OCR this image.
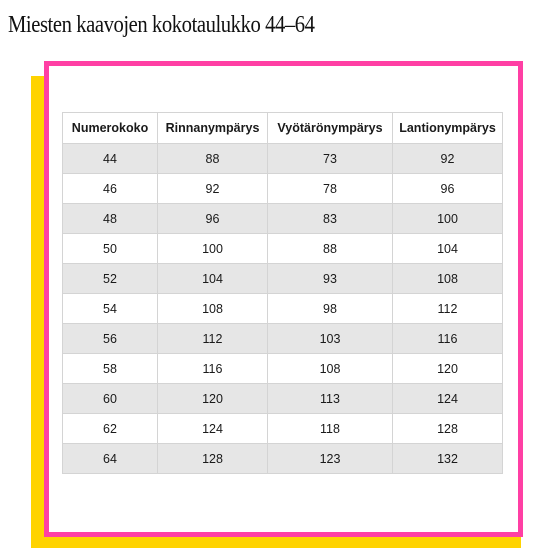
Miesten kaavojen kokotaulukko 44–64
Numerokoko	Rinnanympärys	Vyötärönympärys	Lantionympärys
44	88	73	92
46	92	78	96
48	96	83	100
50	100	88	104
52	104	93	108
54	108	98	112
56	112	103	116
58	116	108	120
60	120	113	124
62	124	118	128
64	128	123	132
